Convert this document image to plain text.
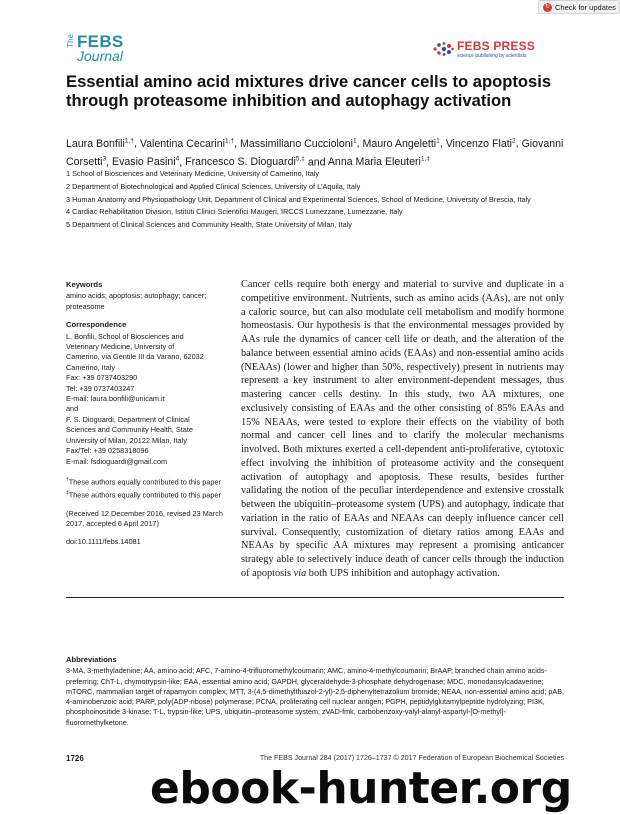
↻ Check for updates
The FEBS
Journal
FEBS PRESS
science publishing by scientists
Essential amino acid mixtures drive cancer cells to apoptosis through proteasome inhibition and autophagy activation

Laura Bonfili$^{1,\dagger}$, Valentina Cecarini$^{1,\dagger}$, Massimiliano Cuccioloni$^1$, Mauro Angeletti$^1$, Vincenzo Flati$^2$, Giovanni Corsetti$^3$, Evasio Pasini$^4$, Francesco S. Dioguardi$^{5,\ddagger}$ and Anna Maria Eleuteri$^{1,\ddagger}$

1 School of Biosciences and Veterinary Medicine, University of Camerino, Italy
2 Department of Biotechnological and Applied Clinical Sciences, University of L'Aquila, Italy
3 Human Anatomy and Physiopathology Unit, Department of Clinical and Experimental Sciences, School of Medicine, University of Brescia, Italy
4 Cardiac Rehabilitation Division, Istituti Clinici Scientifici Maugeri, IRCCS Lumezzane, Lumezzane, Italy
5 Department of Clinical Sciences and Community Health, State University of Milan, Italy
Keywords

amino acids; apoptosis; autophagy; cancer; proteasome

Correspondence

L. Bonfili, School of Biosciences and

Veterinary Medicine, University of

Camerino, via Gentile III da Varano, 62032

Camerino, Italy

Fax: +39 0737403290

Tel: +39 0737403247

E-mail: laura.bonfili@unicam.it

and

F. S. Dioguardi, Department of Clinical

Sciences and Community Health, State

University of Milan, 20122 Milan, Italy

Fax/Tel: +39 0258318096

E-mail: fsdioguardi@gmail.com

†These authors equally contributed to this paper

‡These authors equally contributed to this paper

(Received 12 December 2016, revised 23 March 2017, accepted 6 April 2017)

doi:10.1111/febs.14081

Cancer cells require both energy and material to survive and duplicate in a competitive environment. Nutrients, such as amino acids (AAs), are not only a caloric source, but can also modulate cell metabolism and modify hormone homeostasis. Our hypothesis is that the environmental messages provided by AAs rule the dynamics of cancer cell life or death, and the alteration of the balance between essential amino acids (EAAs) and non-essential amino acids (NEAAs) (lower and higher than 50%, respectively) present in nutrients may represent a key instrument to alter environment-dependent messages, thus mastering cancer cells destiny. In this study, two AA mixtures, one exclusively consisting of EAAs and the other consisting of 85% EAAs and 15% NEAAs, were tested to explore their effects on the viability of both normal and cancer cell lines and to clarify the molecular mechanisms involved. Both mixtures exerted a cell-dependent anti-proliferative, cytotoxic effect involving the inhibition of proteasome activity and the consequent activation of autophagy and apoptosis. These results, besides further validating the notion of the peculiar interdependence and extensive crosstalk between the ubiquitin–proteasome system (UPS) and autophagy, indicate that variation in the ratio of EAAs and NEAAs can deeply influence cancer cell survival. Consequently, customization of dietary ratios among EAAs and NEAAs by specific AA mixtures may represent a promising anticancer strategy able to selectively induce death of cancer cells through the induction of apoptosis via both UPS inhibition and autophagy activation.

Abbreviations

3-MA, 3-methyladenine; AA, amino acid; AFC, 7-amino-4-trifluoromethylcoumarin; AMC, amino-4-methylcoumarin; BrAAP, branched chain amino acids-preferring; ChT-L, chymotrypsin-like; EAA, essential amino acid; GAPDH, glyceraldehyde-3-phosphate dehydrogenase; MDC, monodansylcadaverine; mTORC, mammalian target of rapamycin complex; MTT, 3-(4,5-dimethylthiazol-2-yl)-2,5-diphenyltetrazolium bromide; NEAA, non-essential amino acid; pAB, 4-aminobenzoic acid; PARP, poly(ADP-ribose) polymerase; PCNA, proliferating cell nuclear antigen; PGPH, peptidylglutamylpeptide hydrolyzing; PI3K, phosphoinositide 3-kinase; T-L, trypsin-like; UPS, ubiquitin–proteasome system; zVAD-fmk, carbobenzoxy-valyl-alanyl-aspartyl-[O-methyl]-fluoromethylketone.

1726	The FEBS Journal 284 (2017) 1726–1737 © 2017 Federation of European Biochemical Societies
ebook-hunter.org
